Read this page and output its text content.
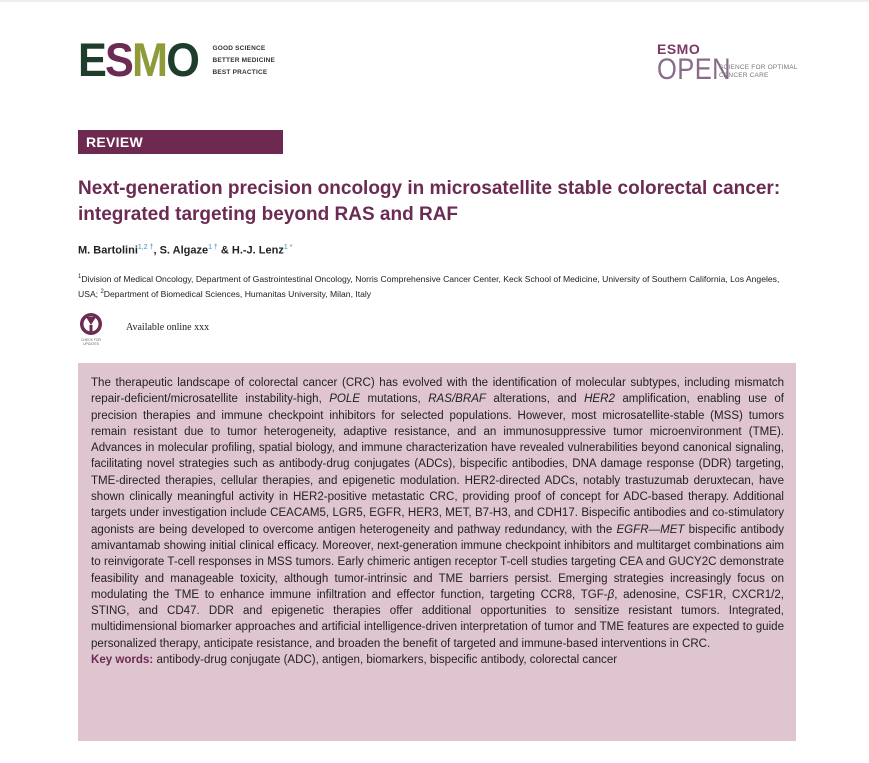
E S M O GOOD SCIENCE
BETTER MEDICINE
BEST PRACTICE
ESMO
OPEN
SCIENCE FOR OPTIMAL
CANCER CARE
REVIEW
Next-generation precision oncology in microsatellite stable colorectal cancer: integrated targeting beyond RAS and RAF
M. Bartolini$^{1,2 \dagger}$, S. Algaze$^{1 \dagger}$ & H.-J. Lenz$^{1 *}$
$^1$Division of Medical Oncology, Department of Gastrointestinal Oncology, Norris Comprehensive Cancer Center, Keck School of Medicine, University of Southern California, Los Angeles, USA; $^2$Department of Biomedical Sciences, Humanitas University, Milan, Italy
CHECK FOR
UPDATES
Available online xxx

The therapeutic landscape of colorectal cancer (CRC) has evolved with the identification of molecular subtypes, including mismatch repair-deficient/microsatellite instability-high, POLE mutations, RAS/BRAF alterations, and HER2 amplification, enabling use of precision therapies and immune checkpoint inhibitors for selected populations. However, most microsatellite-stable (MSS) tumors remain resistant due to tumor heterogeneity, adaptive resistance, and an immunosuppressive tumor microenvironment (TME). Advances in molecular profiling, spatial biology, and immune characterization have revealed vulnerabilities beyond canonical signaling, facilitating novel strategies such as antibody-drug conjugates (ADCs), bispecific antibodies, DNA damage response (DDR) targeting, TME-directed therapies, cellular therapies, and epigenetic modulation. HER2-directed ADCs, notably trastuzumab deruxtecan, have shown clinically meaningful activity in HER2-positive metastatic CRC, providing proof of concept for ADC-based therapy. Additional targets under investigation include CEACAM5, LGR5, EGFR, HER3, MET, B7-H3, and CDH17. Bispecific antibodies and co-stimulatory agonists are being developed to overcome antigen heterogeneity and pathway redundancy, with the EGFR—MET bispecific antibody amivantamab showing initial clinical efficacy. Moreover, next-generation immune checkpoint inhibitors and multitarget combinations aim to reinvigorate T-cell responses in MSS tumors. Early chimeric antigen receptor T-cell studies targeting CEA and GUCY2C demonstrate feasibility and manageable toxicity, although tumor-intrinsic and TME barriers persist. Emerging strategies increasingly focus on modulating the TME to enhance immune infiltration and effector function, targeting CCR8, TGF-β, adenosine, CSF1R, CXCR1/2, STING, and CD47. DDR and epigenetic therapies offer additional opportunities to sensitize resistant tumors. Integrated, multidimensional biomarker approaches and artificial intelligence-driven interpretation of tumor and TME features are expected to guide personalized therapy, anticipate resistance, and broaden the benefit of targeted and immune-based interventions in CRC.

Key words: antibody-drug conjugate (ADC), antigen, biomarkers, bispecific antibody, colorectal cancer
